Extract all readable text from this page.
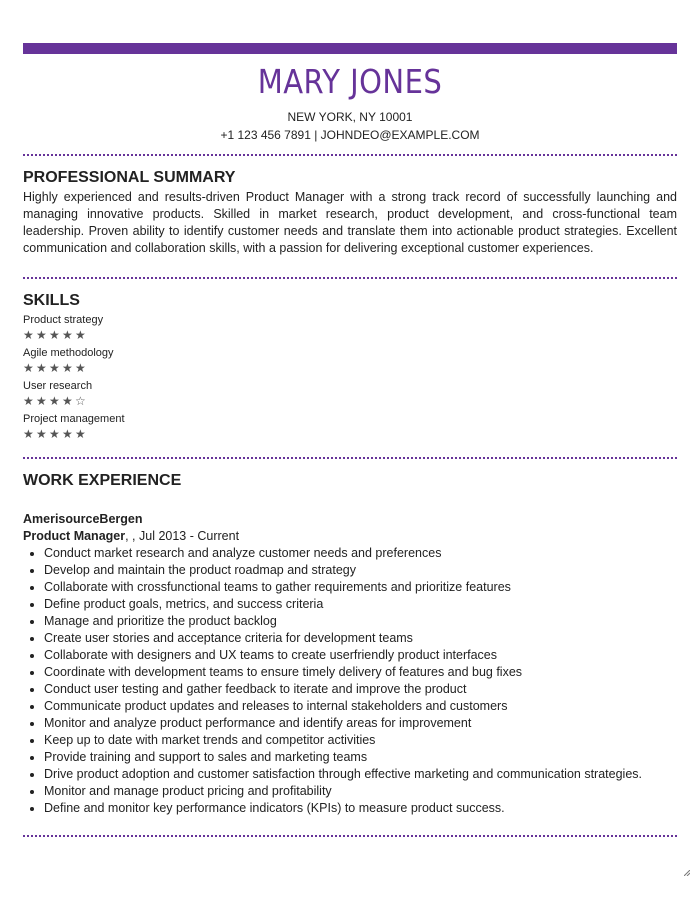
MARY JONES
NEW YORK, NY 10001
+1 123 456 7891 | JOHNDEO@EXAMPLE.COM
PROFESSIONAL SUMMARY
Highly experienced and results-driven Product Manager with a strong track record of successfully launching and managing innovative products. Skilled in market research, product development, and cross-functional team leadership. Proven ability to identify customer needs and translate them into actionable product strategies. Excellent communication and collaboration skills, with a passion for delivering exceptional customer experiences.
SKILLS
Product strategy
★★★★★
Agile methodology
★★★★★
User research
★★★★☆
Project management
★★★★★
WORK EXPERIENCE
AmerisourceBergen
Product Manager, , Jul 2013 - Current
• Conduct market research and analyze customer needs and preferences
• Develop and maintain the product roadmap and strategy
• Collaborate with crossfunctional teams to gather requirements and prioritize features
• Define product goals, metrics, and success criteria
• Manage and prioritize the product backlog
• Create user stories and acceptance criteria for development teams
• Collaborate with designers and UX teams to create userfriendly product interfaces
• Coordinate with development teams to ensure timely delivery of features and bug fixes
• Conduct user testing and gather feedback to iterate and improve the product
• Communicate product updates and releases to internal stakeholders and customers
• Monitor and analyze product performance and identify areas for improvement
• Keep up to date with market trends and competitor activities
• Provide training and support to sales and marketing teams
• Drive product adoption and customer satisfaction through effective marketing and communication strategies.
• Monitor and manage product pricing and profitability
• Define and monitor key performance indicators (KPIs) to measure product success.
